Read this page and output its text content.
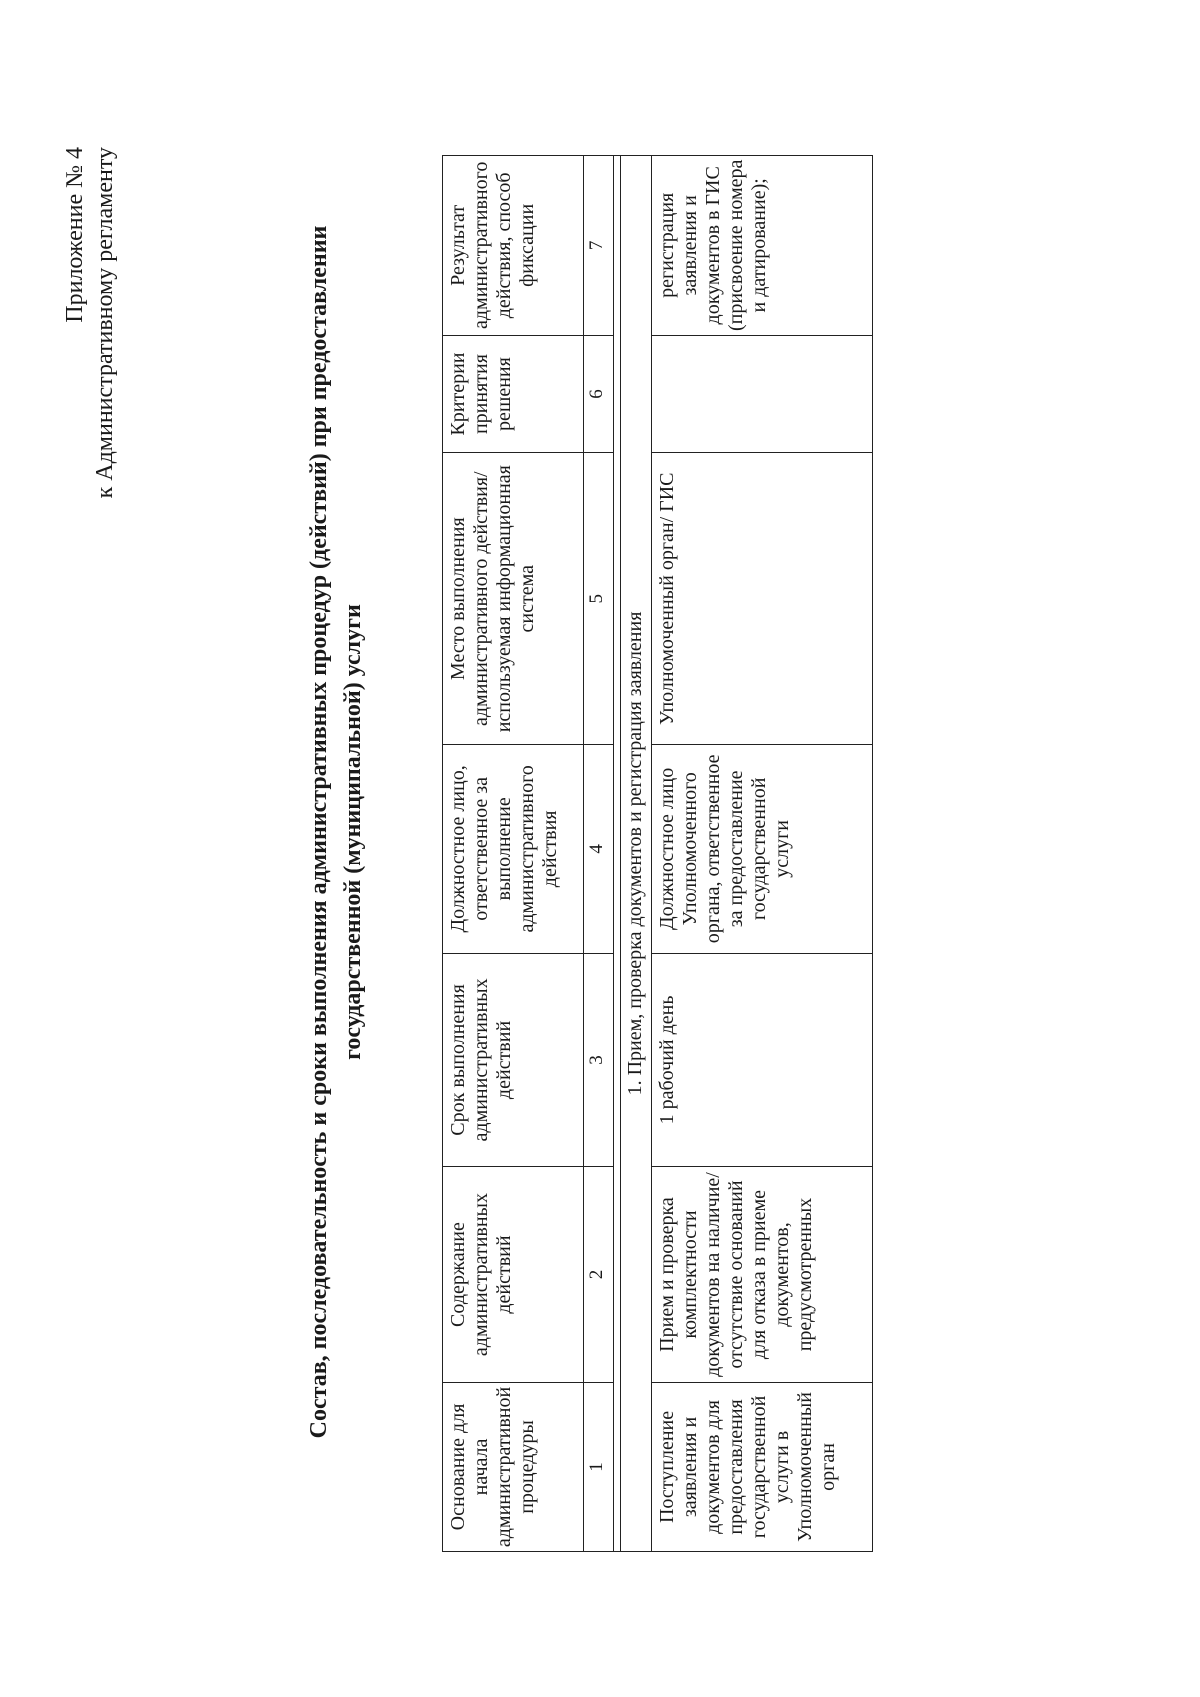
Приложение № 4 к Административному регламенту	Состав, последовательность и сроки выполнения административных процедур (действий) при предоставлении государственной (муниципальной) услуги
Основание для начала административной процедуры	Содержание административных действий	Срок выполнения административных действий	Должностное лицо, ответственное за выполнение административного действия	Место выполнения административного действия/используемая информационная система	Критерии принятия решения	Результат административного действия, способ фиксации
1	2	3	4	5	6	7

1. Прием, проверка документов и регистрация заявления						
Поступление заявления и документов для предоставления государственной услуги в Уполномоченный орган	Прием и проверка комплектности документов на наличие/отсутствие оснований для отказа в приеме документов, предусмотренных	1 рабочий день	Должностное лицо Уполномоченного органа, ответственное за предоставление государственной услуги	Уполномоченный орган/ ГИС		регистрация заявления и документов в ГИС (присвоение номера и датирование);
